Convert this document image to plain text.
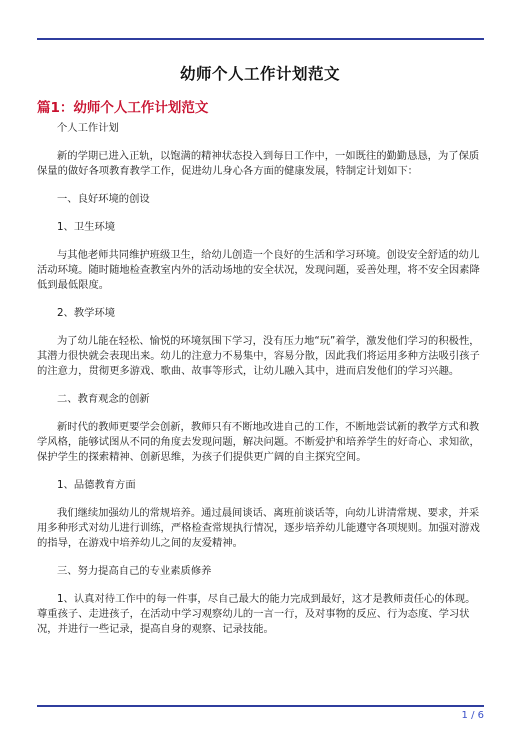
幼师个人工作计划范文
篇1：幼师个人工作计划范文

个人工作计划

新的学期已进入正轨，以饱满的精神状态投入到每日工作中，一如既往的勤勤恳恳，为了保质保量的做好各项教育教学工作，促进幼儿身心各方面的健康发展，特制定计划如下：

一、良好环境的创设

1、卫生环境

与其他老师共同维护班级卫生，给幼儿创造一个良好的生活和学习环境。创设安全舒适的幼儿活动环境。随时随地检查教室内外的活动场地的安全状况，发现问题，妥善处理，将不安全因素降低到最低限度。

2、教学环境

为了幼儿能在轻松、愉悦的环境氛围下学习，没有压力地“玩”着学，激发他们学习的积极性，其潜力很快就会表现出来。幼儿的注意力不易集中，容易分散，因此我们将运用多种方法吸引孩子的注意力，贯彻更多游戏、歌曲、故事等形式，让幼儿融入其中，进而启发他们的学习兴趣。

二、教育观念的创新

新时代的教师更要学会创新，教师只有不断地改进自己的工作，不断地尝试新的教学方式和教学风格，能够试图从不同的角度去发现问题，解决问题。不断爱护和培养学生的好奇心、求知欲，保护学生的探索精神、创新思维，为孩子们提供更广阔的自主探究空间。

1、品德教育方面

我们继续加强幼儿的常规培养。通过晨间谈话、离班前谈话等，向幼儿讲清常规、要求，并采用多种形式对幼儿进行训练，严格检查常规执行情况，逐步培养幼儿能遵守各项规则。加强对游戏的指导，在游戏中培养幼儿之间的友爱精神。

三、努力提高自己的专业素质修养

1、认真对待工作中的每一件事，尽自己最大的能力完成到最好，这才是教师责任心的体现。尊重孩子、走进孩子，在活动中学习观察幼儿的一言一行，及对事物的反应、行为态度、学习状况，并进行一些记录，提高自身的观察、记录技能。

1 / 6
